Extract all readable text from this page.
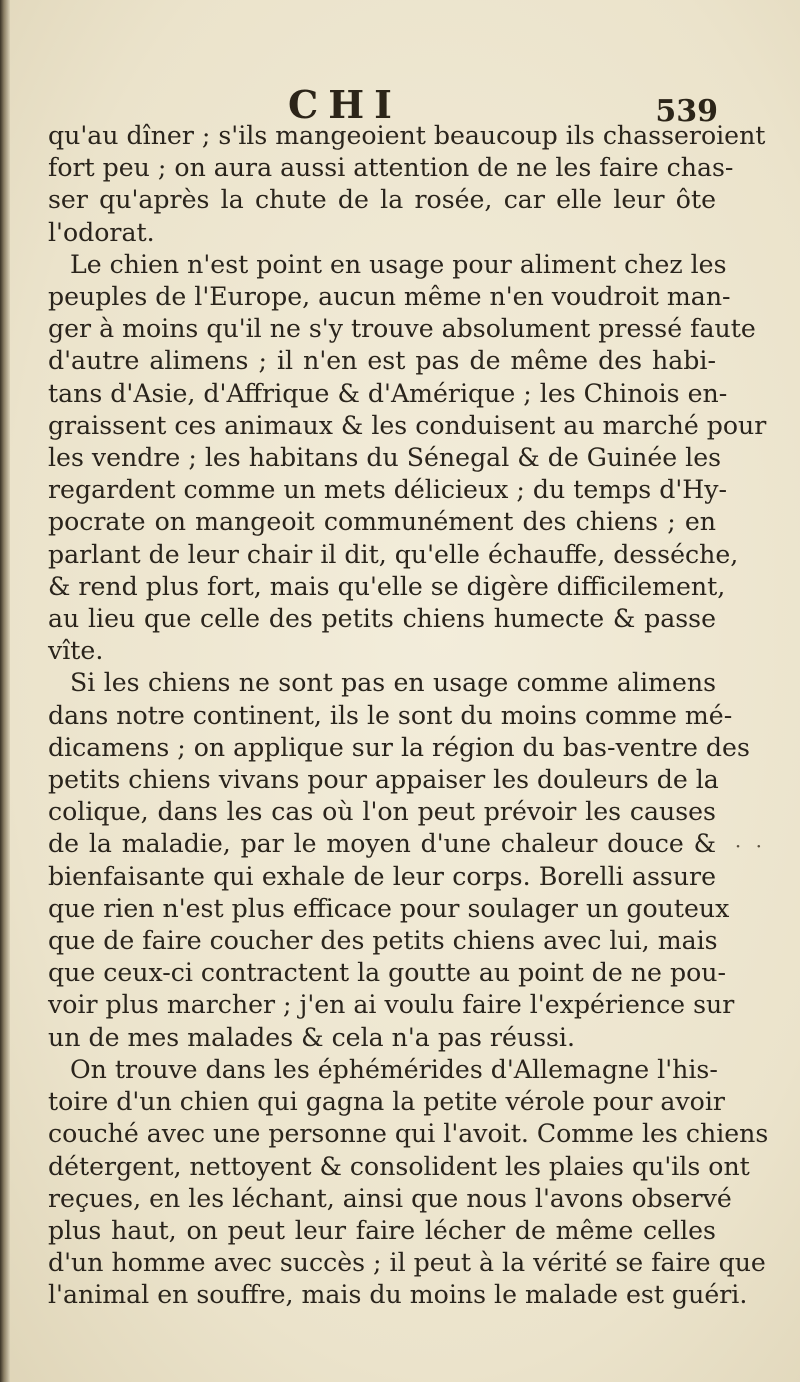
CHI	539
qu'au dîner ; s'ils mangeoient beaucoup ils chasseroient
fort peu ; on aura aussi attention de ne les faire chas-
ser qu'après la chute de la rosée, car elle leur ôte
l'odorat.
Le chien n'est point en usage pour aliment chez les
peuples de l'Europe, aucun même n'en voudroit man-
ger à moins qu'il ne s'y trouve absolument pressé faute
d'autre alimens ; il n'en est pas de même des habi-
tans d'Asie, d'Affrique & d'Amérique ; les Chinois en-
graissent ces animaux & les conduisent au marché pour
les vendre ; les habitans du Sénegal & de Guinée les
regardent comme un mets délicieux ; du temps d'Hy-
pocrate on mangeoit communément des chiens ; en
parlant de leur chair il dit, qu'elle échauffe, desséche,
& rend plus fort, mais qu'elle se digère difficilement,
au lieu que celle des petits chiens humecte & passe
vîte.
Si les chiens ne sont pas en usage comme alimens
dans notre continent, ils le sont du moins comme mé-
dicamens ; on applique sur la région du bas-ventre des
petits chiens vivans pour appaiser les douleurs de la
colique, dans les cas où l'on peut prévoir les causes
de la maladie, par le moyen d'une chaleur douce &
bienfaisante qui exhale de leur corps. Borelli assure
que rien n'est plus efficace pour soulager un gouteux
que de faire coucher des petits chiens avec lui, mais
que ceux-ci contractent la goutte au point de ne pou-
voir plus marcher ; j'en ai voulu faire l'expérience sur
un de mes malades & cela n'a pas réussi.
On trouve dans les éphémérides d'Allemagne l'his-
toire d'un chien qui gagna la petite vérole pour avoir
couché avec une personne qui l'avoit. Comme les chiens
détergent, nettoyent & consolident les plaies qu'ils ont
reçues, en les léchant, ainsi que nous l'avons observé
plus haut, on peut leur faire lécher de même celles
d'un homme avec succès ; il peut à la vérité se faire que
l'animal en souffre, mais du moins le malade est guéri.
· ·
